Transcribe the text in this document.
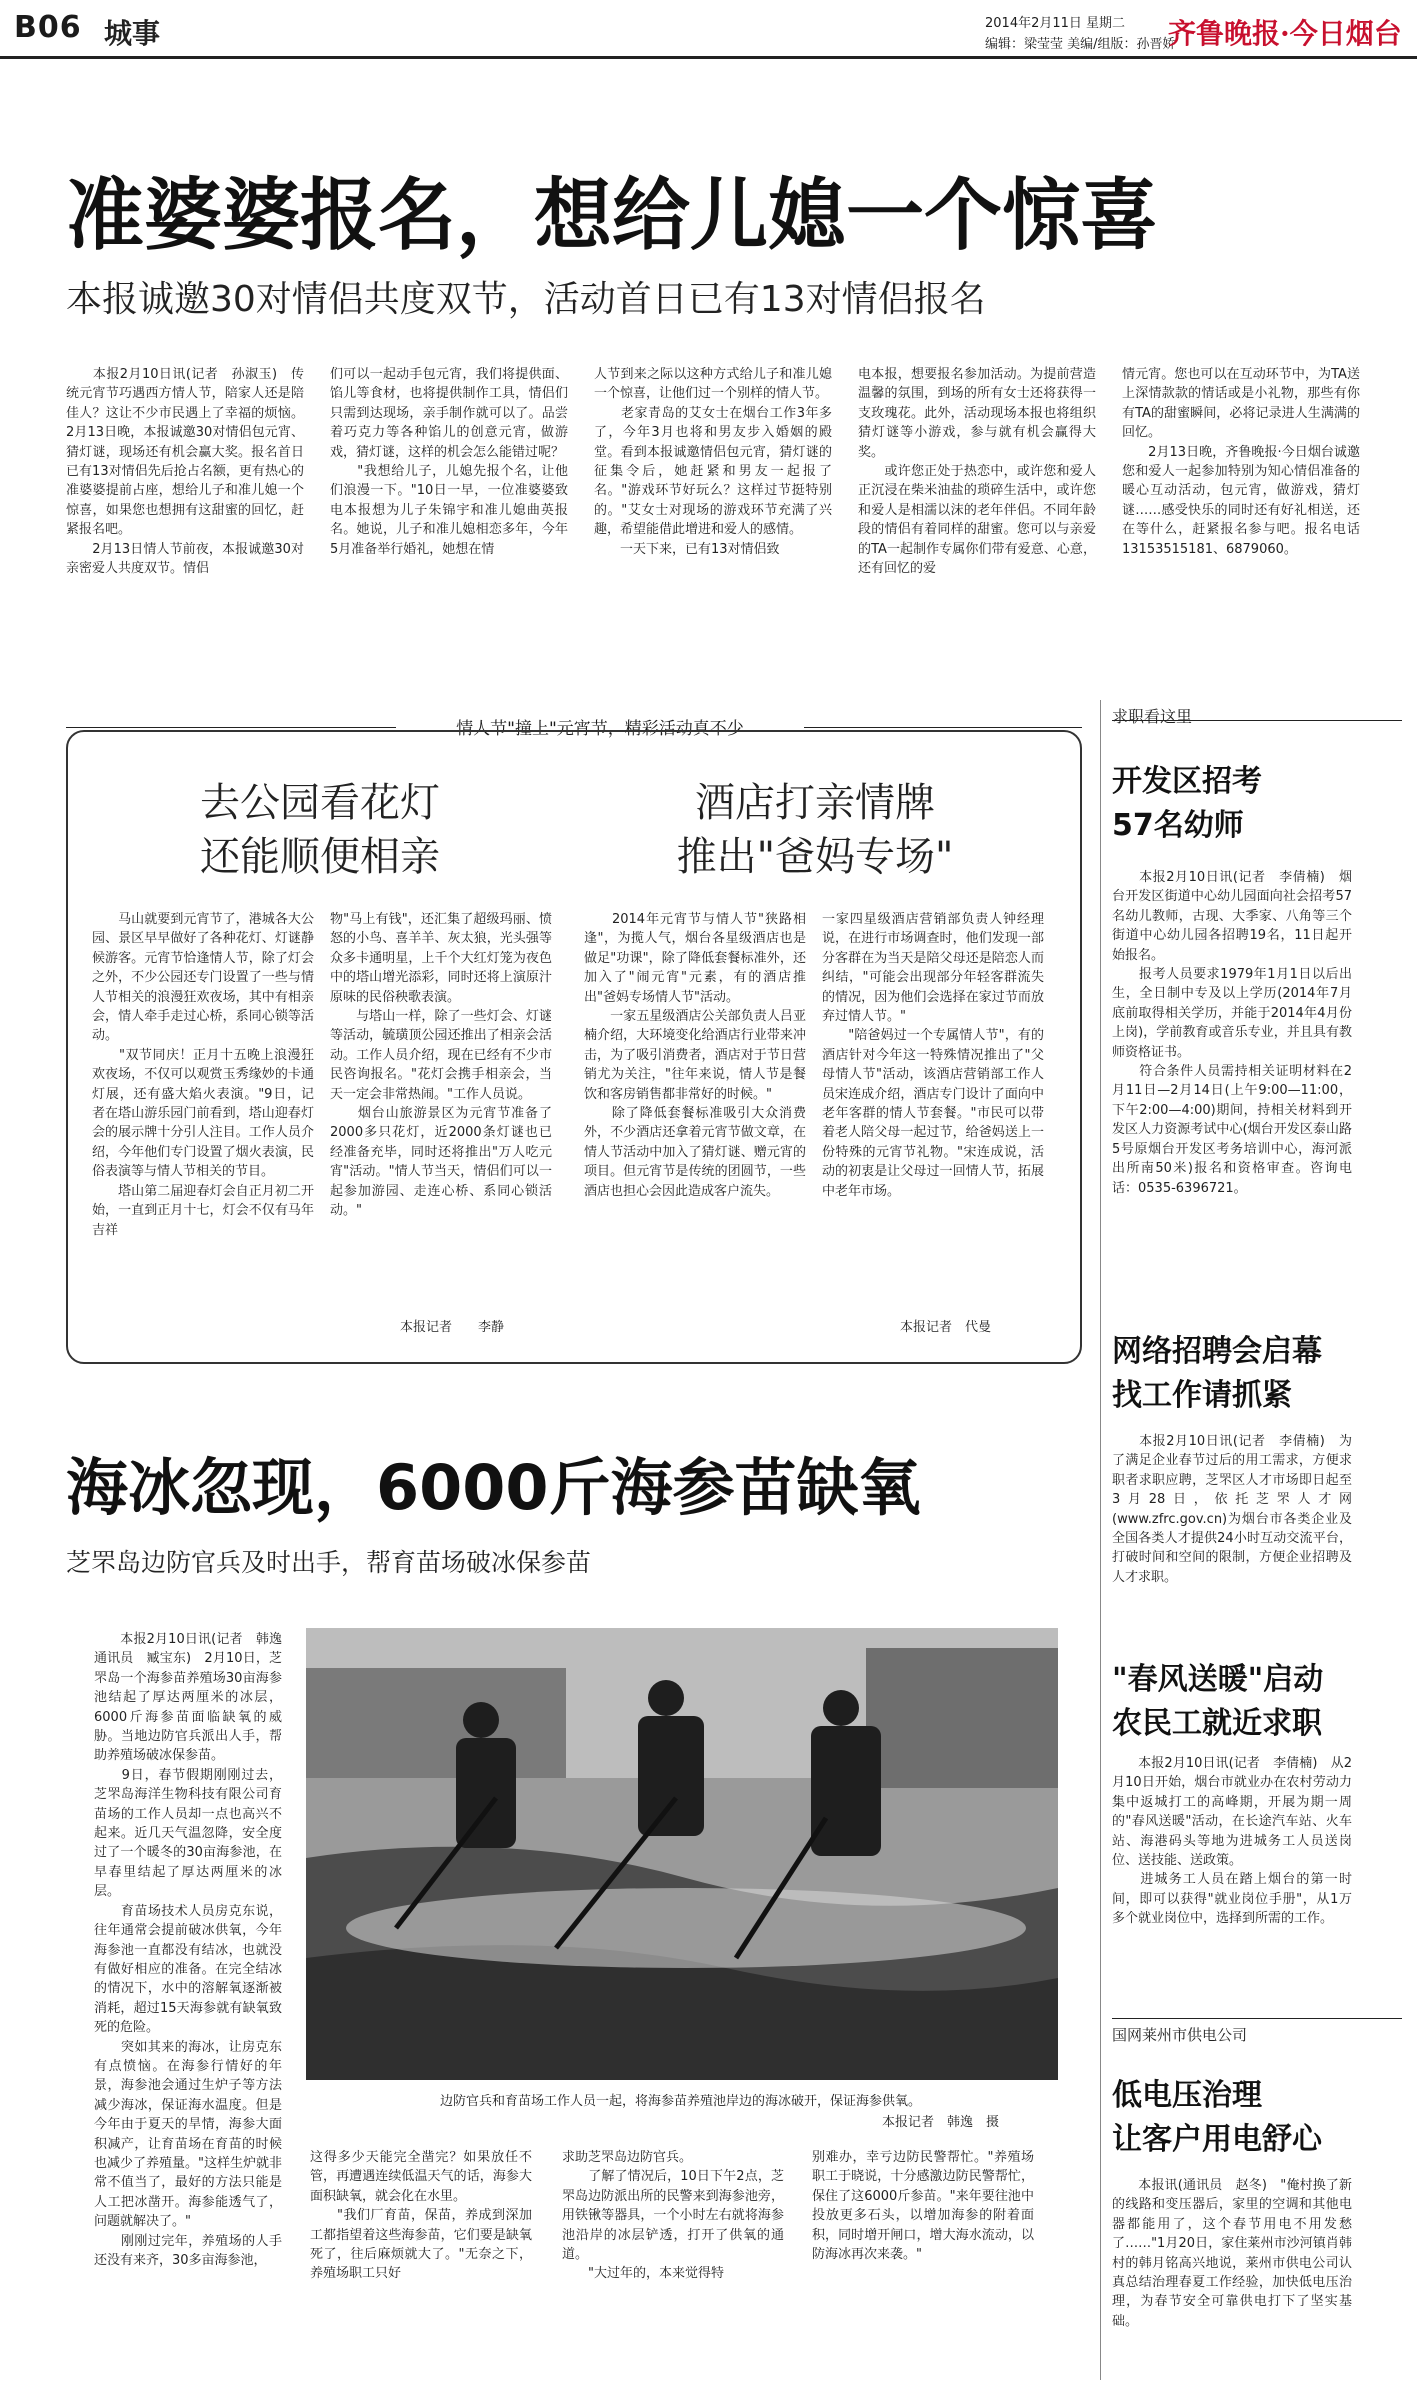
B06 城事	2014年2月11日 星期二
编辑：梁莹莹 美编/组版：孙晋娇
齐鲁晚报·今日烟台
准婆婆报名，想给儿媳一个惊喜
本报诚邀30对情侣共度双节，活动首日已有13对情侣报名
　　本报2月10日讯(记者　孙淑玉)　传统元宵节巧遇西方情人节，陪家人还是陪佳人？这让不少市民遇上了幸福的烦恼。2月13日晚，本报诚邀30对情侣包元宵、猜灯谜，现场还有机会赢大奖。报名首日已有13对情侣先后抢占名额，更有热心的准婆婆提前占座，想给儿子和准儿媳一个惊喜，如果您也想拥有这甜蜜的回忆，赶紧报名吧。
　　2月13日情人节前夜，本报诚邀30对亲密爱人共度双节。情侣
们可以一起动手包元宵，我们将提供面、馅儿等食材，也将提供制作工具，情侣们只需到达现场，亲手制作就可以了。品尝着巧克力等各种馅儿的创意元宵，做游戏，猜灯谜，这样的机会怎么能错过呢？
　　"我想给儿子，儿媳先报个名，让他们浪漫一下。"10日一早，一位准婆婆致电本报想为儿子朱锦宇和准儿媳曲英报名。她说，儿子和准儿媳相恋多年，今年5月准备举行婚礼，她想在情
人节到来之际以这种方式给儿子和准儿媳一个惊喜，让他们过一个别样的情人节。
　　老家青岛的艾女士在烟台工作3年多了，今年3月也将和男友步入婚姻的殿堂。看到本报诚邀情侣包元宵，猜灯谜的征集令后，她赶紧和男友一起报了名。"游戏环节好玩么？这样过节挺特别的。"艾女士对现场的游戏环节充满了兴趣，希望能借此增进和爱人的感情。
　　一天下来，已有13对情侣致
电本报，想要报名参加活动。为提前营造温馨的氛围，到场的所有女士还将获得一支玫瑰花。此外，活动现场本报也将组织猜灯谜等小游戏，参与就有机会赢得大奖。
　　或许您正处于热恋中，或许您和爱人正沉浸在柴米油盐的琐碎生活中，或许您和爱人是相濡以沫的老年伴侣。不同年龄段的情侣有着同样的甜蜜。您可以与亲爱的TA一起制作专属你们带有爱意、心意，还有回忆的爱
情元宵。您也可以在互动环节中，为TA送上深情款款的情话或是小礼物，那些有你有TA的甜蜜瞬间，必将记录进人生满满的回忆。
　　2月13日晚，齐鲁晚报·今日烟台诚邀您和爱人一起参加特别为知心情侣准备的暖心互动活动，包元宵，做游戏，猜灯谜……感受快乐的同时还有好礼相送，还在等什么，赶紧报名参与吧。报名电话13153515181、6879060。
情人节"撞上"元宵节，精彩活动真不少
去公园看花灯
还能顺便相亲
酒店打亲情牌
推出"爸妈专场"
　　马山就要到元宵节了，港城各大公园、景区早早做好了各种花灯、灯谜静候游客。元宵节恰逢情人节，除了灯会之外，不少公园还专门设置了一些与情人节相关的浪漫狂欢夜场，其中有相亲会，情人牵手走过心桥，系同心锁等活动。
　　"双节同庆！正月十五晚上浪漫狂欢夜场，不仅可以观赏玉秀缘妙的卡通灯展，还有盛大焰火表演。"9日，记者在塔山游乐园门前看到，塔山迎春灯会的展示牌十分引人注目。工作人员介绍，今年他们专门设置了烟火表演，民俗表演等与情人节相关的节目。
　　塔山第二届迎春灯会自正月初二开始，一直到正月十七，灯会不仅有马年吉祥
物"马上有钱"，还汇集了超级玛丽、愤怒的小鸟、喜羊羊、灰太狼，光头强等众多卡通明星，上千个大红灯笼为夜色中的塔山增光添彩，同时还将上演原汁原味的民俗秧歌表演。
　　与塔山一样，除了一些灯会、灯谜等活动，毓璜顶公园还推出了相亲会活动。工作人员介绍，现在已经有不少市民咨询报名。"花灯会携手相亲会，当天一定会非常热闹。"工作人员说。
　　烟台山旅游景区为元宵节准备了2000多只花灯，近2000条灯谜也已经准备充毕，同时还将推出"万人吃元宵"活动。"情人节当天，情侣们可以一起参加游园、走连心桥、系同心锁活动。"
　　2014年元宵节与情人节"狭路相逢"，为揽人气，烟台各星级酒店也是做足"功课"，除了降低套餐标准外，还加入了"闹元宵"元素，有的酒店推出"爸妈专场情人节"活动。
　　一家五星级酒店公关部负责人吕亚楠介绍，大环境变化给酒店行业带来冲击，为了吸引消费者，酒店对于节日营销尤为关注，"往年来说，情人节是餐饮和客房销售都非常好的时候。"
　　除了降低套餐标准吸引大众消费外，不少酒店还拿着元宵节做文章，在情人节活动中加入了猜灯谜、赠元宵的项目。但元宵节是传统的团圆节，一些酒店也担心会因此造成客户流失。
一家四星级酒店营销部负责人钟经理说，在进行市场调查时，他们发现一部分客群在为当天是陪父母还是陪恋人而纠结，"可能会出现部分年轻客群流失的情况，因为他们会选择在家过节而放弃过情人节。"
　　"陪爸妈过一个专属情人节"，有的酒店针对今年这一特殊情况推出了"父母情人节"活动，该酒店营销部工作人员宋连成介绍，酒店专门设计了面向中老年客群的情人节套餐。"市民可以带着老人陪父母一起过节，给爸妈送上一份特殊的元宵节礼物。"宋连成说，活动的初衷是让父母过一回情人节，拓展中老年市场。
本报记者　　李静	本报记者　代曼
海冰忽现，6000斤海参苗缺氧
芝罘岛边防官兵及时出手，帮育苗场破冰保参苗
　　本报2月10日讯(记者　韩逸　通讯员　臧宝东)　2月10日，芝罘岛一个海参苗养殖场30亩海参池结起了厚达两厘米的冰层，6000斤海参苗面临缺氧的威胁。当地边防官兵派出人手，帮助养殖场破冰保参苗。
　　9日，春节假期刚刚过去，芝罘岛海洋生物科技有限公司育苗场的工作人员却一点也高兴不起来。近几天气温忽降，安全度过了一个暖冬的30亩海参池，在早春里结起了厚达两厘米的冰层。
　　育苗场技术人员房克东说，往年通常会提前破冰供氧，今年海参池一直都没有结冰，也就没有做好相应的准备。在完全结冰的情况下，水中的溶解氧逐渐被消耗，超过15天海参就有缺氧致死的危险。
　　突如其来的海冰，让房克东有点愤恼。在海参行情好的年景，海参池会通过生炉子等方法减少海冰，保证海水温度。但是今年由于夏天的旱情，海参大面积减产，让育苗场在育苗的时候也减少了养殖量。"这样生炉就非常不值当了，最好的方法只能是人工把冰凿开。海参能透气了，问题就解决了。"
　　刚刚过完年，养殖场的人手还没有来齐，30多亩海参池，
边防官兵和育苗场工作人员一起，将海参苗养殖池岸边的海冰破开，保证海参供氧。
本报记者　韩逸　摄
这得多少天能完全凿完？如果放任不管，再遭遇连续低温天气的话，海参大面积缺氧，就会化在水里。
　　"我们厂育苗，保苗，养成到深加工都指望着这些海参苗，它们要是缺氧死了，往后麻烦就大了。"无奈之下，养殖场职工只好
求助芝罘岛边防官兵。
　　了解了情况后，10日下午2点，芝罘岛边防派出所的民警来到海参池旁，用铁锹等器具，一个小时左右就将海参池沿岸的冰层铲透，打开了供氧的通道。
　　"大过年的，本来觉得特
别难办，幸亏边防民警帮忙。"养殖场职工于晓说，十分感激边防民警帮忙，保住了这6000斤参苗。"来年要往池中投放更多石头，以增加海参的附着面积，同时增开闸口，增大海水流动，以防海冰再次来袭。"
求职看这里
开发区招考
57名幼师
　　本报2月10日讯(记者　李倩楠)　烟台开发区街道中心幼儿园面向社会招考57名幼儿教师，古现、大季家、八角等三个街道中心幼儿园各招聘19名，11日起开始报名。
　　报考人员要求1979年1月1日以后出生，全日制中专及以上学历(2014年7月底前取得相关学历，并能于2014年4月份上岗)，学前教育或音乐专业，并且具有教师资格证书。
　　符合条件人员需持相关证明材料在2月11日—2月14日(上午9:00—11:00，下午2:00—4:00)期间，持相关材料到开发区人力资源考试中心(烟台开发区泰山路5号原烟台开发区考务培训中心，海河派出所南50米)报名和资格审查。咨询电话：0535-6396721。
网络招聘会启幕
找工作请抓紧
　　本报2月10日讯(记者　李倩楠)　为了满足企业春节过后的用工需求，方便求职者求职应聘，芝罘区人才市场即日起至3月28日，依托芝罘人才网(www.zfrc.gov.cn)为烟台市各类企业及全国各类人才提供24小时互动交流平台，打破时间和空间的限制，方便企业招聘及人才求职。
"春风送暖"启动
农民工就近求职
　　本报2月10日讯(记者　李倩楠)　从2月10日开始，烟台市就业办在农村劳动力集中返城打工的高峰期，开展为期一周的"春风送暖"活动，在长途汽车站、火车站、海港码头等地为进城务工人员送岗位、送技能、送政策。
　　进城务工人员在踏上烟台的第一时间，即可以获得"就业岗位手册"，从1万多个就业岗位中，选择到所需的工作。
国网莱州市供电公司
低电压治理
让客户用电舒心
　　本报讯(通讯员　赵冬)　"俺村换了新的线路和变压器后，家里的空调和其他电器都能用了，这个春节用电不用发愁了……"1月20日，家住莱州市沙河镇肖韩村的韩月铭高兴地说，莱州市供电公司认真总结治理春夏工作经验，加快低电压治理，为春节安全可靠供电打下了坚实基础。
